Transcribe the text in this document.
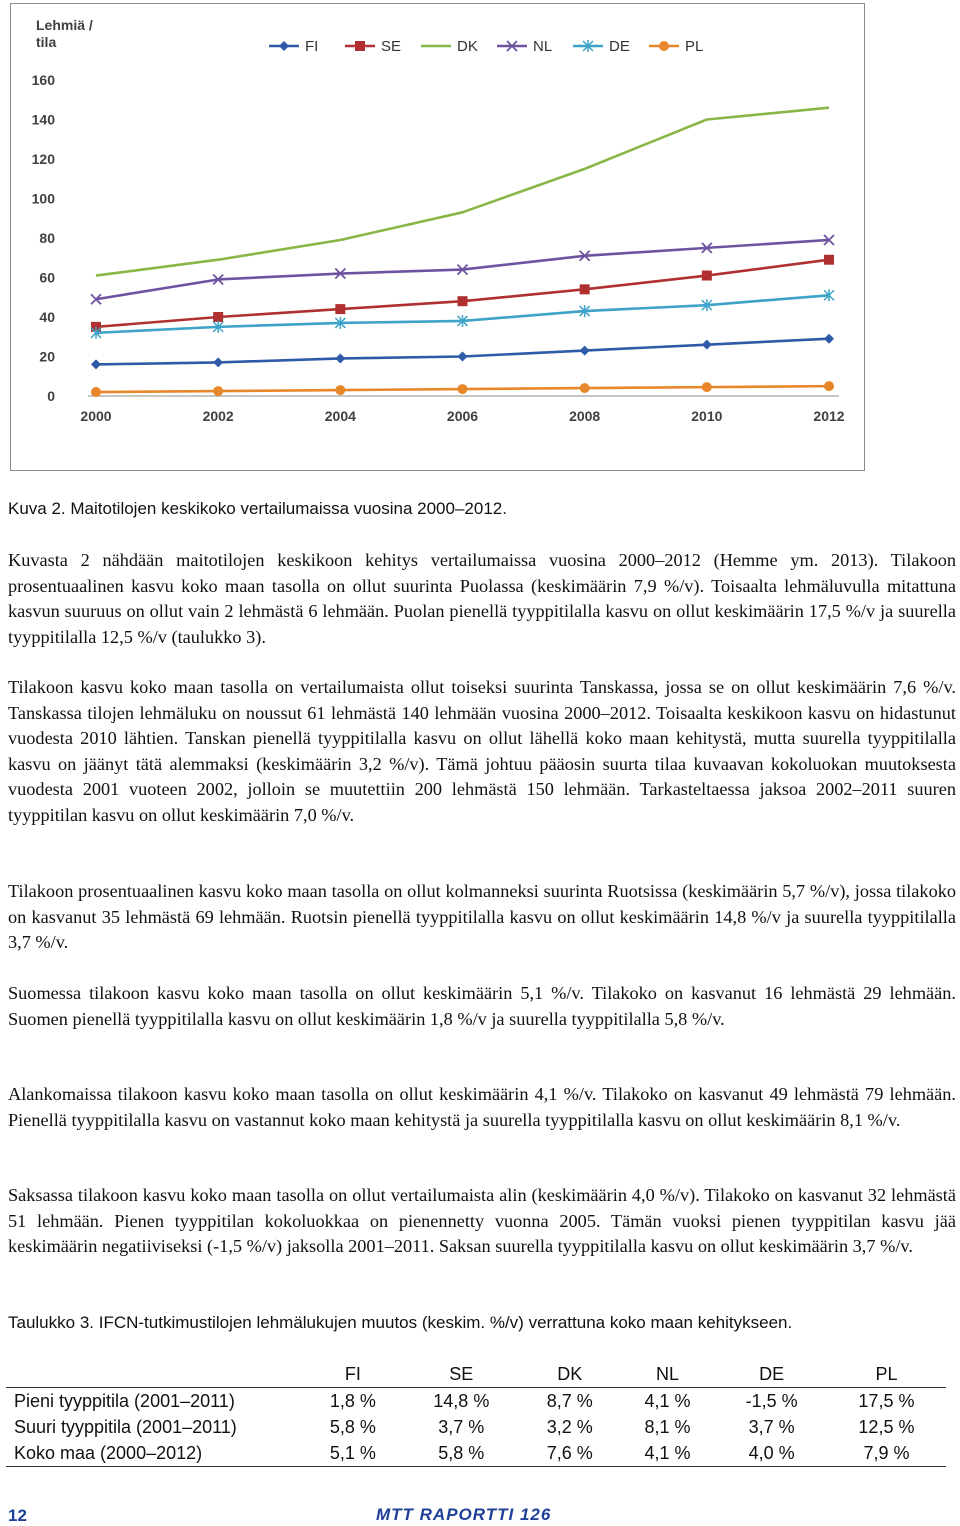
Lehmiä /
tila
0
20
40
60
80
100
120
140
160
2000	2002	2004	2006	2008	2010	2012
FI	SE	DK	NL	DE	PL
Kuva 2. Maitotilojen keskikoko vertailumaissa vuosina 2000–2012.

Kuvasta 2 nähdään maitotilojen keskikoon kehitys vertailumaissa vuosina 2000–2012 (Hemme ym. 2013). Tilakoon prosentuaalinen kasvu koko maan tasolla on ollut suurinta Puolassa (keskimäärin 7,9 %/v). Toisaalta lehmäluvulla mitattuna kasvun suuruus on ollut vain 2 lehmästä 6 lehmään. Puolan pienellä tyyppitilalla kasvu on ollut keskimäärin 17,5 %/v ja suurella tyyppitilalla 12,5 %/v (taulukko 3).

Tilakoon kasvu koko maan tasolla on vertailumaista ollut toiseksi suurinta Tanskassa, jossa se on ollut keskimäärin 7,6 %/v. Tanskassa tilojen lehmäluku on noussut 61 lehmästä 140 lehmään vuosina 2000–2012. Toisaalta keskikoon kasvu on hidastunut vuodesta 2010 lähtien. Tanskan pienellä tyyppitilalla kasvu on ollut lähellä koko maan kehitystä, mutta suurella tyyppitilalla kasvu on jäänyt tätä alemmaksi (keskimäärin 3,2 %/v). Tämä johtuu pääosin suurta tilaa kuvaavan kokoluokan muutoksesta vuodesta 2001 vuoteen 2002, jolloin se muutettiin 200 lehmästä 150 lehmään. Tarkasteltaessa jaksoa 2002–2011 suuren tyyppitilan kasvu on ollut keskimäärin 7,0 %/v.

Tilakoon prosentuaalinen kasvu koko maan tasolla on ollut kolmanneksi suurinta Ruotsissa (keskimäärin 5,7 %/v), jossa tilakoko on kasvanut 35 lehmästä 69 lehmään. Ruotsin pienellä tyyppitilalla kasvu on ollut keskimäärin 14,8 %/v ja suurella tyyppitilalla 3,7 %/v.

Suomessa tilakoon kasvu koko maan tasolla on ollut keskimäärin 5,1 %/v. Tilakoko on kasvanut 16 lehmästä 29 lehmään. Suomen pienellä tyyppitilalla kasvu on ollut keskimäärin 1,8 %/v ja suurella tyyppitilalla 5,8 %/v.

Alankomaissa tilakoon kasvu koko maan tasolla on ollut keskimäärin 4,1 %/v. Tilakoko on kasvanut 49 lehmästä 79 lehmään. Pienellä tyyppitilalla kasvu on vastannut koko maan kehitystä ja suurella tyyppitilalla kasvu on ollut keskimäärin 8,1 %/v.

Saksassa tilakoon kasvu koko maan tasolla on ollut vertailumaista alin (keskimäärin 4,0 %/v). Tilakoko on kasvanut 32 lehmästä 51 lehmään. Pienen tyyppitilan kokoluokkaa on pienennetty vuonna 2005. Tämän vuoksi pienen tyyppitilan kasvu jää keskimäärin negatiiviseksi (-1,5 %/v) jaksolla 2001–2011. Saksan suurella tyyppitilalla kasvu on ollut keskimäärin 3,7 %/v.

Taulukko 3. IFCN-tutkimustilojen lehmälukujen muutos (keskim. %/v) verrattuna koko maan kehitykseen.
	FI	SE	DK	NL	DE	PL
Pieni tyyppitila (2001–2011)	1,8 %	14,8 %	8,7 %	4,1 %	-1,5 %	17,5 %
Suuri tyyppitila (2001–2011)	5,8 %	3,7 %	3,2 %	8,1 %	3,7 %	12,5 %
Koko maa (2000–2012)	5,1 %	5,8 %	7,6 %	4,1 %	4,0 %	7,9 %
12	MTT RAPORTTI 126
